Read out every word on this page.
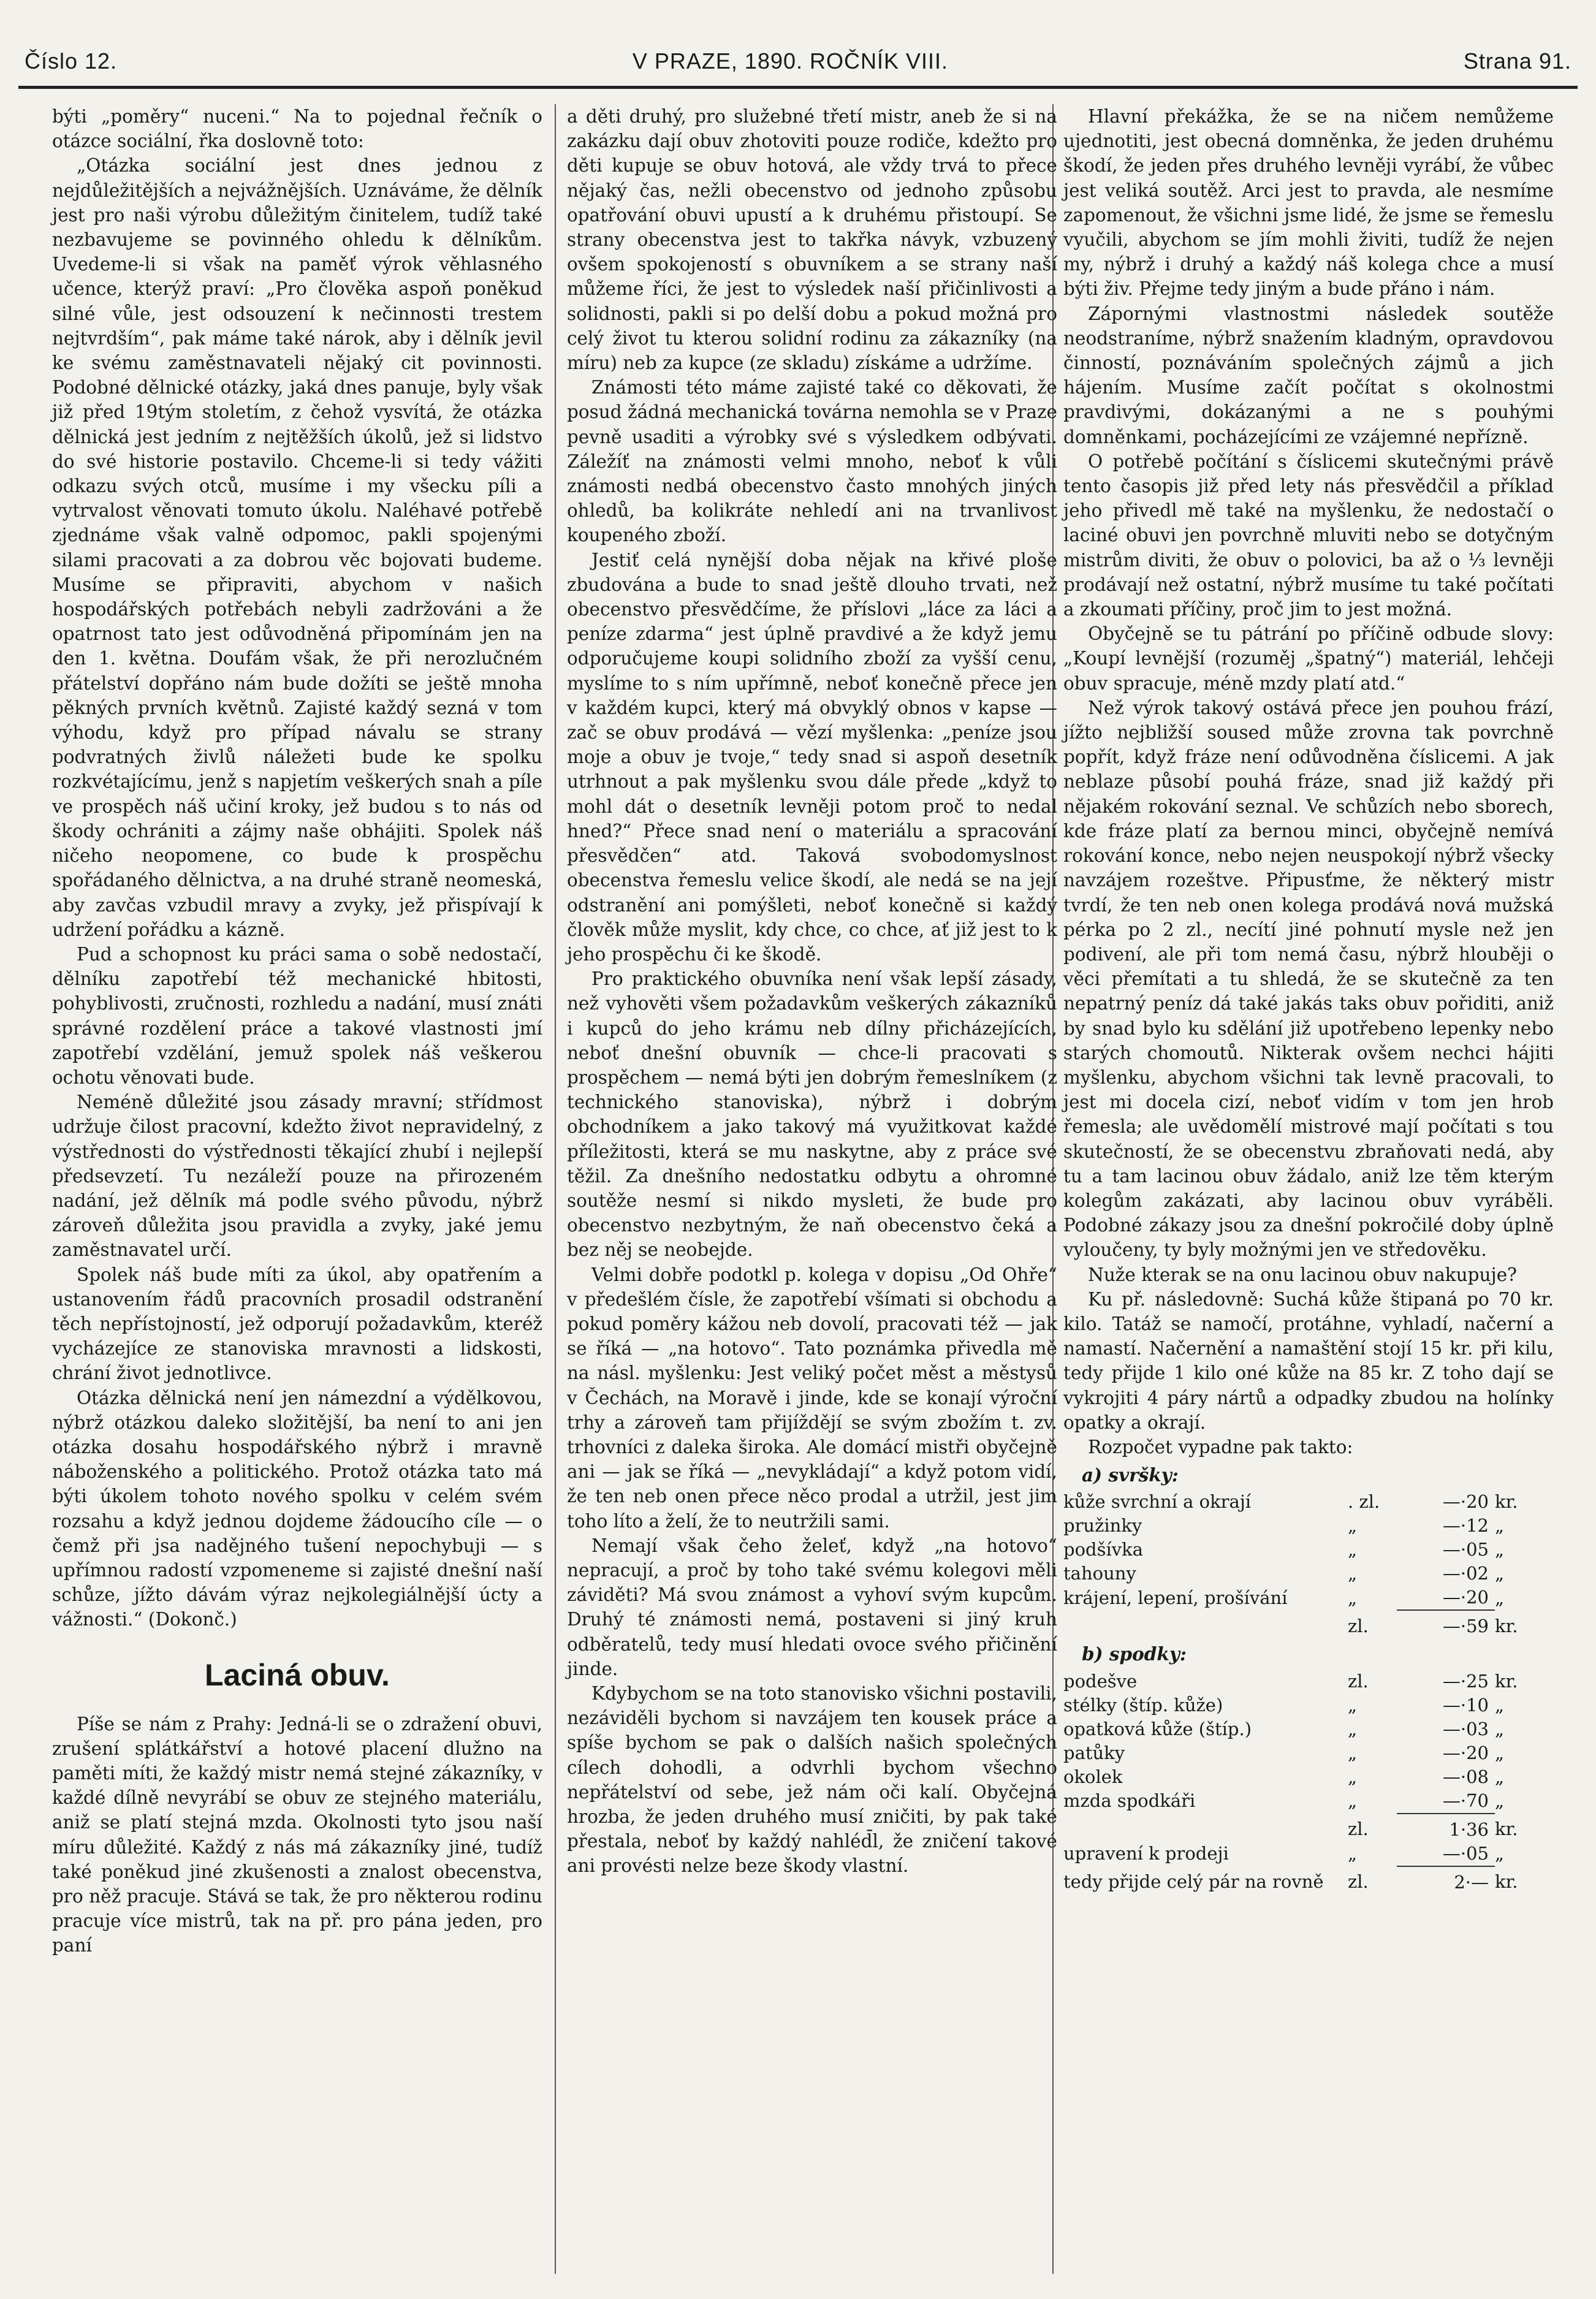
Číslo 12.	V PRAZE, 1890. ROČNÍK VIII.	Strana 91.

býti „poměry“ nuceni.“ Na to pojednal řečník o otázce sociální, řka doslovně toto:

„Otázka sociální jest dnes jednou z nejdůležitějších a nejvážnějších. Uznáváme, že dělník jest pro naši výrobu důležitým činitelem, tudíž také nezbavujeme se povinného ohledu k dělníkům. Uvedeme-li si však na paměť výrok věhlasného učence, kterýž praví: „Pro člověka aspoň poněkud silné vůle, jest odsouzení k nečinnosti trestem nejtvrdším“, pak máme také nárok, aby i dělník jevil ke svému zaměstnavateli nějaký cit povinnosti. Podobné dělnické otázky, jaká dnes panuje, byly však již před 19tým stoletím, z čehož vysvítá, že otázka dělnická jest jedním z nejtěžších úkolů, jež si lidstvo do své historie postavilo. Chceme-li si tedy vážiti odkazu svých otců, musíme i my všecku píli a vytrvalost věnovati tomuto úkolu. Naléhavé potřebě zjednáme však valně odpomoc, pakli spojenými silami pracovati a za dobrou věc bojovati budeme. Musíme se připraviti, abychom v našich hospodářských potřebách nebyli zadržováni a že opatrnost tato jest odůvodněná připomínám jen na den 1. května. Doufám však, že při nerozlučném přátelství dopřáno nám bude dožíti se ještě mnoha pěkných prvních květnů. Zajisté každý sezná v tom výhodu, když pro případ návalu se strany podvratných živlů náležeti bude ke spolku rozkvétajícímu, jenž s napjetím veškerých snah a píle ve prospěch náš učiní kroky, jež budou s to nás od škody ochrániti a zájmy naše obhájiti. Spolek náš ničeho neopomene, co bude k prospěchu spořádaného dělnictva, a na druhé straně neomeská, aby zavčas vzbudil mravy a zvyky, jež přispívají k udržení pořádku a kázně.

Pud a schopnost ku práci sama o sobě nedostačí, dělníku zapotřebí též mechanické hbitosti, pohyblivosti, zručnosti, rozhledu a nadání, musí znáti správné rozdělení práce a takové vlastnosti jmí zapotřebí vzdělání, jemuž spolek náš veškerou ochotu věnovati bude.

Neméně důležité jsou zásady mravní; střídmost udržuje čilost pracovní, kdežto život nepravidelný, z výstřednosti do výstřednosti těkající zhubí i nejlepší předsevzetí. Tu nezáleží pouze na přirozeném nadání, jež dělník má podle svého původu, nýbrž zároveň důležita jsou pravidla a zvyky, jaké jemu zaměstnavatel určí.

Spolek náš bude míti za úkol, aby opatřením a ustanovením řádů pracovních prosadil odstranění těch nepřístojností, jež odporují požadavkům, kteréž vycházejíce ze stanoviska mravnosti a lidskosti, chrání život jednotlivce.

Otázka dělnická není jen námezdní a výdělkovou, nýbrž otázkou daleko složitější, ba není to ani jen otázka dosahu hospodářského nýbrž i mravně náboženského a politického. Protož otázka tato má býti úkolem tohoto nového spolku v celém svém rozsahu a když jednou dojdeme žádoucího cíle — o čemž při jsa nadějného tušení nepochybuji — s upřímnou radostí vzpomeneme si zajisté dnešní naší schůze, jížto dávám výraz nejkolegiálnější úcty a vážnosti.“ (Dokonč.)

Laciná obuv.

Píše se nám z Prahy: Jedná-li se o zdražení obuvi, zrušení splátkářství a hotové placení dlužno na paměti míti, že každý mistr nemá stejné zákazníky, v každé dílně nevyrábí se obuv ze stejného materiálu, aniž se platí stejná mzda. Okolnosti tyto jsou naší míru důležité. Každý z nás má zákazníky jiné, tudíž také poněkud jiné zkušenosti a znalost obecenstva, pro něž pracuje. Stává se tak, že pro některou rodinu pracuje více mistrů, tak na př. pro pána jeden, pro paní

a děti druhý, pro služebné třetí mistr, aneb že si na zakázku dají obuv zhotoviti pouze rodiče, kdežto pro děti kupuje se obuv hotová, ale vždy trvá to přece nějaký čas, nežli obecenstvo od jednoho způsobu opatřování obuvi upustí a k druhému přistoupí. Se strany obecenstva jest to takřka návyk, vzbuzený ovšem spokojeností s obuvníkem a se strany naší můžeme říci, že jest to výsledek naší přičinlivosti a solidnosti, pakli si po delší dobu a pokud možná pro celý život tu kterou solidní rodinu za zákazníky (na míru) neb za kupce (ze skladu) získáme a udržíme.

Známosti této máme zajisté také co děkovati, že posud žádná mechanická továrna nemohla se v Praze pevně usaditi a výrobky své s výsledkem odbývati. Záležíť na známosti velmi mnoho, neboť k vůli známosti nedbá obecenstvo často mnohých jiných ohledů, ba kolikráte nehledí ani na trvanlivost koupeného zboží.

Jestiť celá nynější doba nějak na křivé ploše zbudována a bude to snad ještě dlouho trvati, než obecenstvo přesvědčíme, že příslovi „láce za láci a peníze zdarma“ jest úplně pravdivé a že když jemu odporučujeme koupi solidního zboží za vyšší cenu, myslíme to s ním upřímně, neboť konečně přece jen v každém kupci, který má obvyklý obnos v kapse — zač se obuv prodává — vězí myšlenka: „peníze jsou moje a obuv je tvoje,“ tedy snad si aspoň desetník utrhnout a pak myšlenku svou dále přede „když to mohl dát o desetník levněji potom proč to nedal hned?“ Přece snad není o materiálu a spracování přesvědčen“ atd. Taková svobodomyslnost obecenstva řemeslu velice škodí, ale nedá se na její odstranění ani pomýšleti, neboť konečně si každý člověk může myslit, kdy chce, co chce, ať již jest to k jeho prospěchu či ke škodě.

Pro praktického obuvníka není však lepší zásady, než vyhověti všem požadavkům veškerých zákazníků i kupců do jeho krámu neb dílny přicházejících, neboť dnešní obuvník — chce-li pracovati s prospěchem — nemá býti jen dobrým řemeslníkem (z technického stanoviska), nýbrž i dobrým obchodníkem a jako takový má využitkovat každé příležitosti, která se mu naskytne, aby z práce své těžil. Za dnešního nedostatku odbytu a ohromné soutěže nesmí si nikdo mysleti, že bude pro obecenstvo nezbytným, že naň obecenstvo čeká a bez něj se neobejde.

Velmi dobře podotkl p. kolega v dopisu „Od Ohře“ v předešlém čísle, že zapotřebí všímati si obchodu a pokud poměry kážou neb dovolí, pracovati též — jak se říká — „na hotovo“. Tato poznámka přivedla mě na násl. myšlenku: Jest veliký počet měst a městysů v Čechách, na Moravě i jinde, kde se konají výroční trhy a zároveň tam přijíždějí se svým zbožím t. zv. trhovníci z daleka široka. Ale domácí mistři obyčejně ani — jak se říká — „nevykládají“ a když potom vidí, že ten neb onen přece něco prodal a utržil, jest jim toho líto a želí, že to neutržili sami.

Nemají však čeho želeť, když „na hotovo“ nepracují, a proč by toho také svému kolegovi měli záviděti? Má svou známost a vyhoví svým kupcům. Druhý té známosti nemá, postaveni si jiný kruh odběratelů, tedy musí hledati ovoce svého přičinění jinde.

Kdybychom se na toto stanovisko všichni postavili, nezáviděli bychom si navzájem ten kousek práce a spíše bychom se pak o dalších našich společných cílech dohodli, a odvrhli bychom všechno nepřátelství od sebe, jež nám oči kalí. Obyčejná hrozba, že jeden druhého musí zničiti, by pak také přestala, neboť by každý nahléd̄l, že zničení takové ani provésti nelze beze škody vlastní.

Hlavní překážka, že se na ničem nemůžeme ujednotiti, jest obecná domněnka, že jeden druhému škodí, že jeden přes druhého levněji vyrábí, že vůbec jest veliká soutěž. Arci jest to pravda, ale nesmíme zapomenout, že všichni jsme lidé, že jsme se řemeslu vyučili, abychom se jím mohli živiti, tudíž že nejen my, nýbrž i druhý a každý náš kolega chce a musí býti živ. Přejme tedy jiným a bude přáno i nám.

Zápornými vlastnostmi následek soutěže neodstraníme, nýbrž snažením kladným, opravdovou činností, poznáváním společných zájmů a jich hájením. Musíme začít počítat s okolnostmi pravdivými, dokázanými a ne s pouhými domněnkami, pocházejícími ze vzájemné nepřízně.

O potřebě počítání s číslicemi skutečnými právě tento časopis již před lety nás přesvědčil a příklad jeho přivedl mě také na myšlenku, že nedostačí o laciné obuvi jen povrchně mluviti nebo se dotyčným mistrům diviti, že obuv o polovici, ba až o ⅓ levněji prodávají než ostatní, nýbrž musíme tu také počítati a zkoumati příčiny, proč jim to jest možná.

Obyčejně se tu pátrání po příčině odbude slovy: „Koupí levnější (rozuměj „špatný“) materiál, lehčeji obuv spracuje, méně mzdy platí atd.“

Než výrok takový ostává přece jen pouhou frází, jížto nejbližší soused může zrovna tak povrchně popřít, když fráze není odůvodněna číslicemi. A jak neblaze působí pouhá fráze, snad již každý při nějakém rokování seznal. Ve schůzích nebo sborech, kde fráze platí za bernou minci, obyčejně nemívá rokování konce, nebo nejen neuspokojí nýbrž všecky navzájem rozeštve. Připusťme, že některý mistr tvrdí, že ten neb onen kolega prodává nová mužská pérka po 2 zl., necítí jiné pohnutí mysle než jen podivení, ale při tom nemá času, nýbrž hlouběji o věci přemítati a tu shledá, že se skutečně za ten nepatrný peníz dá také jakás taks obuv pořiditi, aniž by snad bylo ku sdělání již upotřebeno lepenky nebo starých chomoutů. Nikterak ovšem nechci hájiti myšlenku, abychom všichni tak levně pracovali, to jest mi docela cizí, neboť vidím v tom jen hrob řemesla; ale uvědomělí mistrové mají počítati s tou skutečností, že se obecenstvu zbraňovati nedá, aby tu a tam lacinou obuv žádalo, aniž lze těm kterým kolegům zakázati, aby lacinou obuv vyráběli. Podobné zákazy jsou za dnešní pokročilé doby úplně vyloučeny, ty byly možnými jen ve středověku.

Nuže kterak se na onu lacinou obuv nakupuje?

Ku př. následovně: Suchá kůže štipaná po 70 kr. kilo. Tatáž se namočí, protáhne, vyhladí, načerní a namastí. Načernění a namaštění stojí 15 kr. při kilu, tedy přijde 1 kilo oné kůže na 85 kr. Z toho dají se vykrojiti 4 páry nártů a odpadky zbudou na holínky opatky a okrají.

Rozpočet vypadne pak takto:

a) svršky:
kůže svrchní a okrají	. zl.	—·20	kr.
pružinky	„	—·12	„
podšívka	„	—·05	„
tahouny	„	—·02	„
krájení, lepení, prošívání	„	—·20	„
	zl.	—·59	kr.
b) spodky:
podešve	zl.	—·25	kr.
stélky (štíp. kůže)	„	—·10	„
opatková kůže (štíp.)	„	—·03	„
patůky	„	—·20	„
okolek	„	—·08	„
mzda spodkáři	„	—·70	„
	zl.	1·36	kr.
upravení k prodeji	„	—·05	„
tedy přijde celý pár na rovně	zl.	2·—	kr.
